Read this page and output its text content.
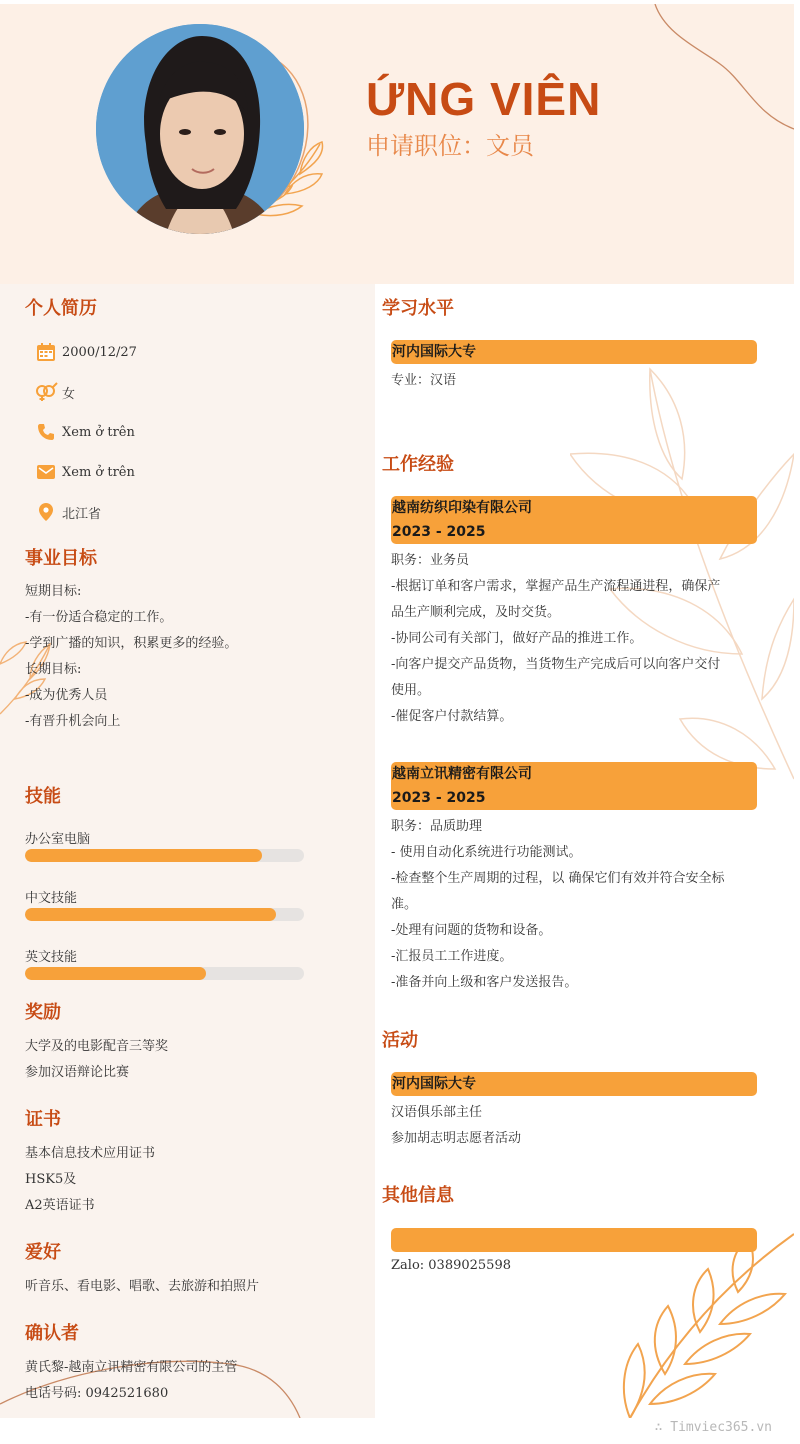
ỨNG VIÊN
申请职位：文员
个人简历
2000/12/27
女
Xem ở trên
Xem ở trên
北江省
事业目标
短期目标:
-有一份适合稳定的工作。
-学到广播的知识，积累更多的经验。
长期目标:
-成为优秀人员
-有晋升机会向上
技能
办公室电脑
中文技能
英文技能
奖励
大学及的电影配音三等奖
参加汉语辩论比赛
证书
基本信息技术应用证书
HSK5及
A2英语证书
爱好
听音乐、看电影、唱歌、去旅游和拍照片
确认者
黄氏黎-越南立讯精密有限公司的主管
电话号码: 0942521680
学习水平
河内国际大专
专业：汉语
工作经验
越南纺织印染有限公司
2023 - 2025
职务：业务员
-根据订单和客户需求，掌握产品生产流程通进程，确保产
品生产顺利完成，及时交货。
-协同公司有关部门，做好产品的推进工作。
-向客户提交产品货物，当货物生产完成后可以向客户交付
使用。
-催促客户付款结算。
越南立讯精密有限公司
2023 - 2025
职务：品质助理
- 使用自动化系统进行功能测试。
-检查整个生产周期的过程，以 确保它们有效并符合安全标
准。
-处理有问题的货物和设备。
-汇报员工工作进度。
-准备并向上级和客户发送报告。
活动
河内国际大专
汉语俱乐部主任
参加胡志明志愿者活动
其他信息
Zalo: 0389025598
∴ Timviec365.vn
